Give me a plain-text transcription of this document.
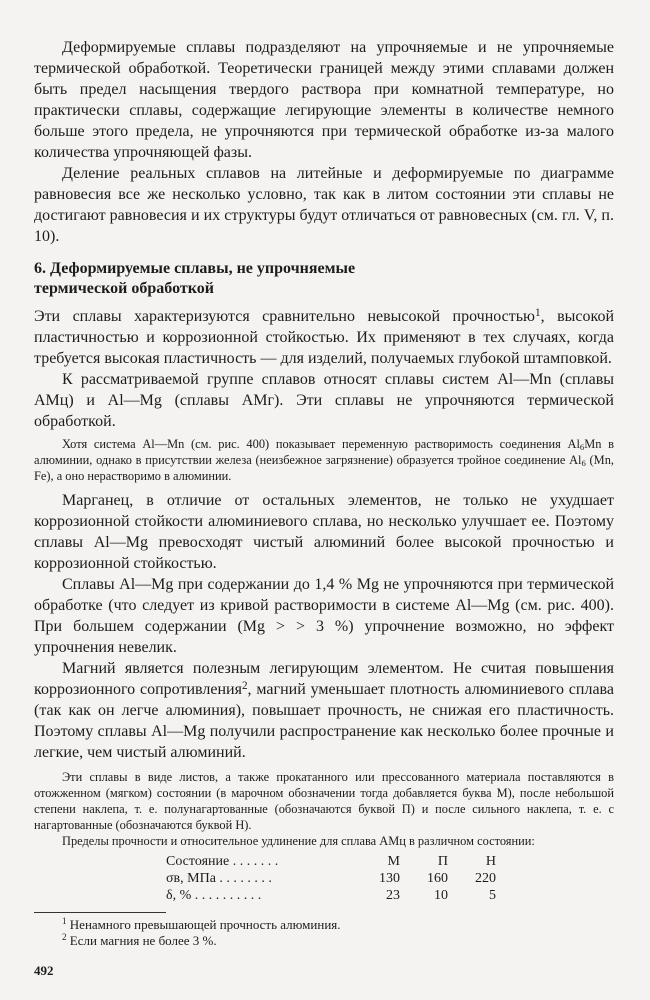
Деформируемые сплавы подразделяют на упрочняемые и не упрочняемые термической обработкой. Теоретически границей между этими сплавами должен быть предел насыщения твердого раствора при комнатной температуре, но практически сплавы, содержащие легирующие элементы в количестве немного больше этого предела, не упрочняются при термической обработке из-за малого количества упрочняющей фазы.

Деление реальных сплавов на литейные и деформируемые по диаграмме равновесия все же несколько условно, так как в литом состоянии эти сплавы не достигают равновесия и их структуры будут отличаться от равновесных (см. гл. V, п. 10).

6. Деформируемые сплавы, не упрочняемые
термической обработкой

Эти сплавы характеризуются сравнительно невысокой прочностью$^1$, высокой пластичностью и коррозионной стойкостью. Их применяют в тех случаях, когда требуется высокая пластичность — для изделий, получаемых глубокой штамповкой.

К рассматриваемой группе сплавов относят сплавы систем Al—Mn (сплавы АМц) и Al—Mg (сплавы АМг). Эти сплавы не упрочняются термической обработкой.

Хотя система Al—Mn (см. рис. 400) показывает переменную растворимость соединения $Al_6Mn$ в алюминии, однако в присутствии железа (неизбежное загрязнение) образуется тройное соединение $Al_6$ (Mn, Fe), а оно нерастворимо в алюминии.

Марганец, в отличие от остальных элементов, не только не ухудшает коррозионной стойкости алюминиевого сплава, но несколько улучшает ее. Поэтому сплавы Al—Mg превосходят чистый алюминий более высокой прочностью и коррозионной стойкостью.

Сплавы Al—Mg при содержании до 1,4 % Mg не упрочняются при термической обработке (что следует из кривой растворимости в системе Al—Mg (см. рис. 400). При большем содержании (Mg > > 3 %) упрочнение возможно, но эффект упрочнения невелик.

Магний является полезным легирующим элементом. Не считая повышения коррозионного сопротивления$^2$, магний уменьшает плотность алюминиевого сплава (так как он легче алюминия), повышает прочность, не снижая его пластичность. Поэтому сплавы Al—Mg получили распространение как несколько более прочные и легкие, чем чистый алюминий.

Эти сплавы в виде листов, а также прокатанного или прессованного материала поставляются в отожженном (мягком) состоянии (в марочном обозначении тогда добавляется буква М), после небольшой степени наклепа, т. е. полунагартованные (обозначаются буквой П) и после сильного наклепа, т. е. с нагартованные (обозначаются буквой Н).

Пределы прочности и относительное удлинение для сплава АМц в различном состоянии:

Состояние . . . . . . .	М	П	Н
σв, МПа . . . . . . . .	130	160	220
δ, % . . . . . . . . . .	23	10	5
$^1$ Ненамного превышающей прочность алюминия.
$^2$ Если магния не более 3 %.
492
